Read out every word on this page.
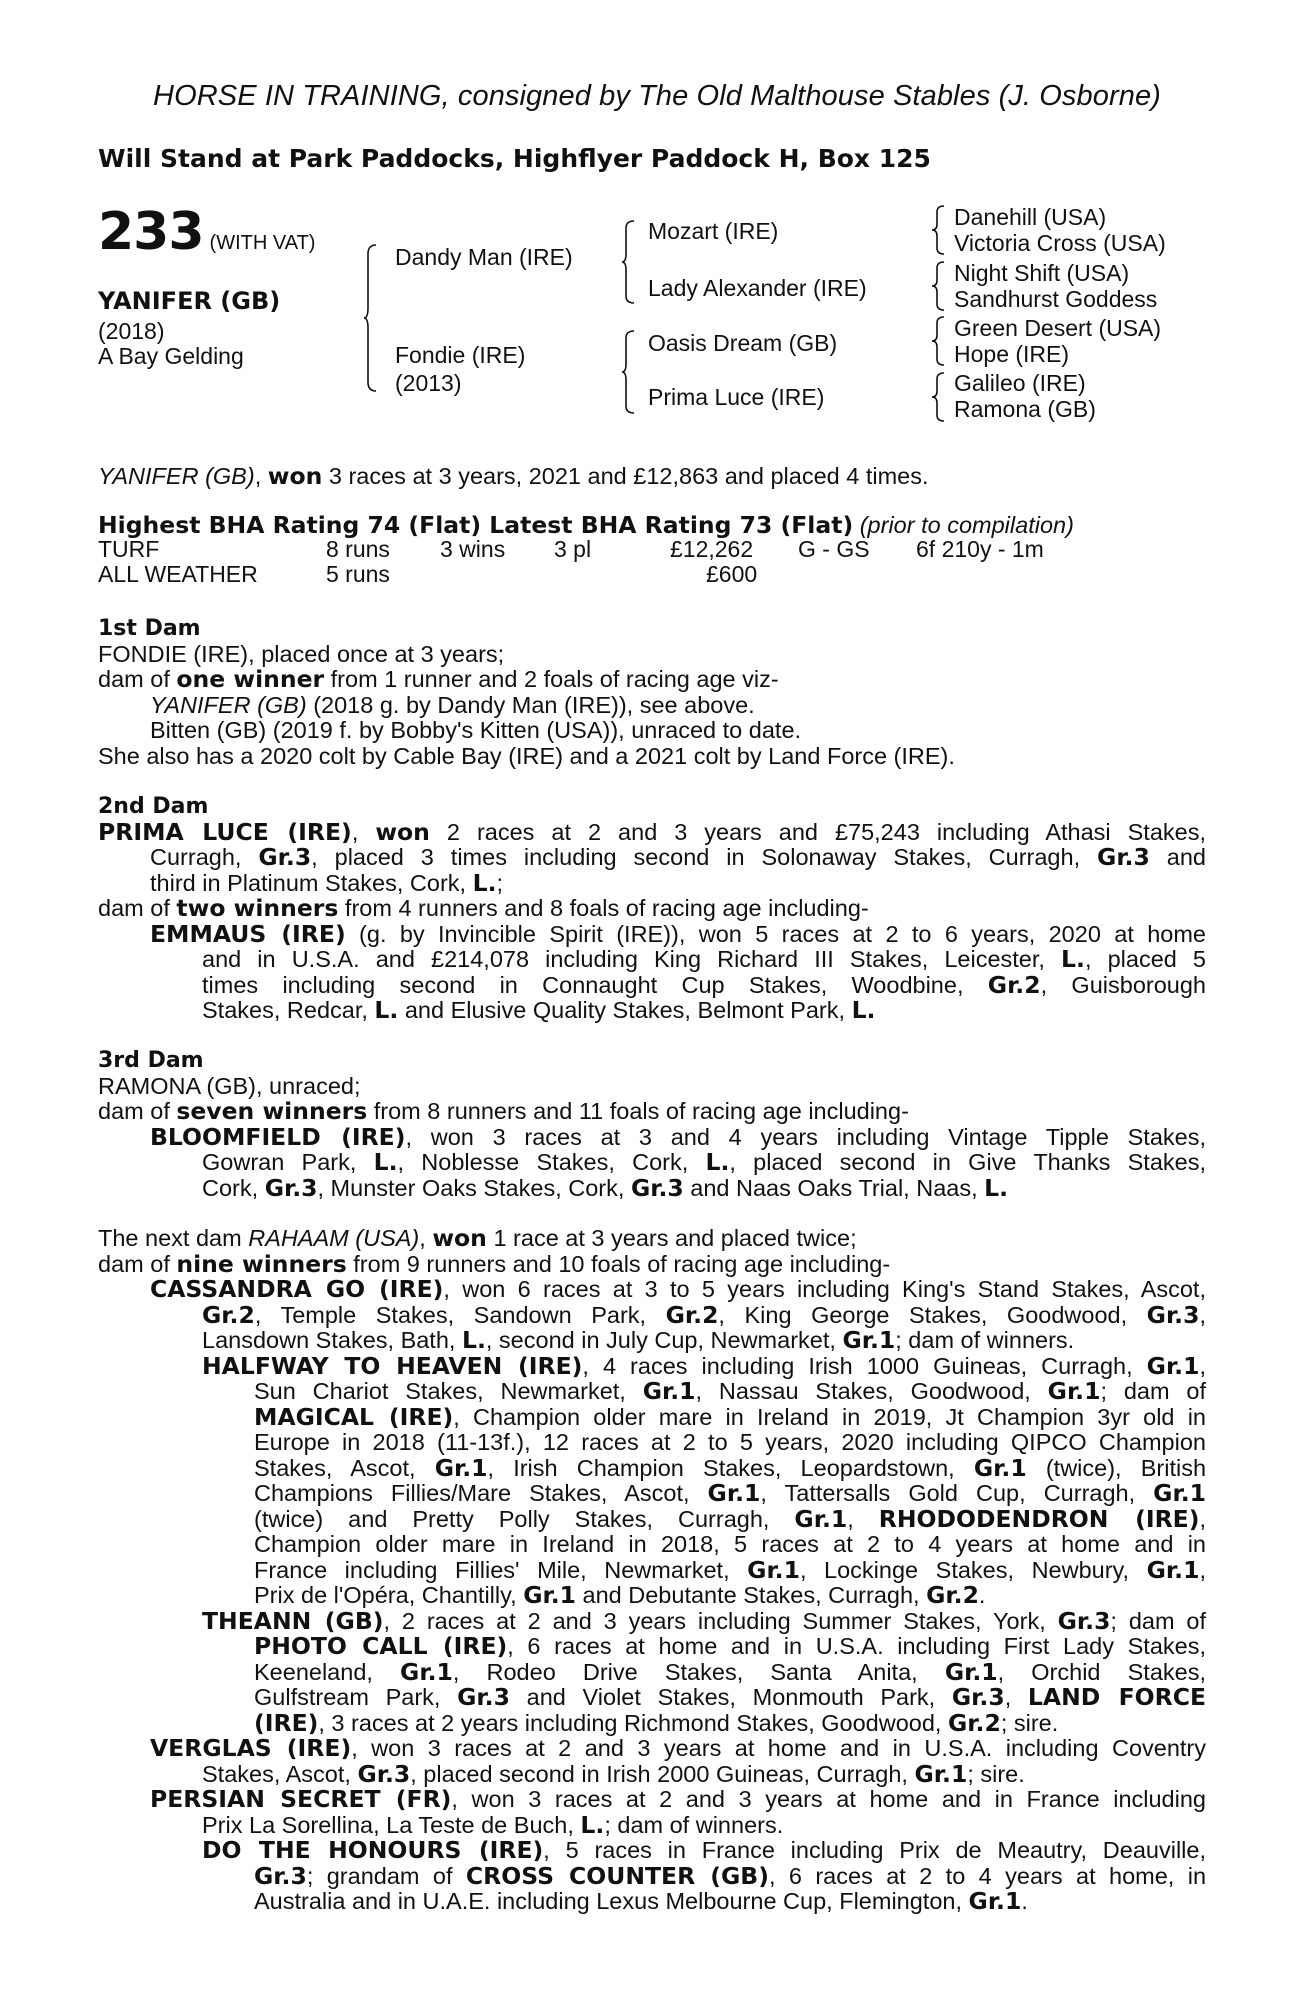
HORSE IN TRAINING, consigned by The Old Malthouse Stables (J. Osborne)
Will Stand at Park Paddocks, Highflyer Paddock H, Box 125
233 (WITH VAT)
YANIFER (GB)
(2018)
A Bay Gelding
Dandy Man (IRE)
Fondie (IRE)
(2013)
Mozart (IRE)
Lady Alexander (IRE)
Oasis Dream (GB)
Prima Luce (IRE)
Danehill (USA)
Victoria Cross (USA)
Night Shift (USA)
Sandhurst Goddess
Green Desert (USA)
Hope (IRE)
Galileo (IRE)
Ramona (GB)
YANIFER (GB), won 3 races at 3 years, 2021 and £12,863 and placed 4 times.
Highest BHA Rating 74 (Flat) Latest BHA Rating 73 (Flat) (prior to compilation)
TURF	8 runs 3 wins 3 pl	£12,262 G - GS 6f 210y - 1m
ALL WEATHER	5 runs	£600
1st Dam
FONDIE (IRE), placed once at 3 years;
dam of one winner from 1 runner and 2 foals of racing age viz-
YANIFER (GB) (2018 g. by Dandy Man (IRE)), see above.
Bitten (GB) (2019 f. by Bobby's Kitten (USA)), unraced to date.
She also has a 2020 colt by Cable Bay (IRE) and a 2021 colt by Land Force (IRE).
2nd Dam
PRIMA LUCE (IRE), won 2 races at 2 and 3 years and £75,243 including Athasi Stakes,
Curragh, Gr.3, placed 3 times including second in Solonaway Stakes, Curragh, Gr.3 and
third in Platinum Stakes, Cork, L.;
dam of two winners from 4 runners and 8 foals of racing age including-
EMMAUS (IRE) (g. by Invincible Spirit (IRE)), won 5 races at 2 to 6 years, 2020 at home
and in U.S.A. and £214,078 including King Richard III Stakes, Leicester, L., placed 5
times including second in Connaught Cup Stakes, Woodbine, Gr.2, Guisborough
Stakes, Redcar, L. and Elusive Quality Stakes, Belmont Park, L.
3rd Dam
RAMONA (GB), unraced;
dam of seven winners from 8 runners and 11 foals of racing age including-
BLOOMFIELD (IRE), won 3 races at 3 and 4 years including Vintage Tipple Stakes,
Gowran Park, L., Noblesse Stakes, Cork, L., placed second in Give Thanks Stakes,
Cork, Gr.3, Munster Oaks Stakes, Cork, Gr.3 and Naas Oaks Trial, Naas, L.
The next dam RAHAAM (USA), won 1 race at 3 years and placed twice;
dam of nine winners from 9 runners and 10 foals of racing age including-
CASSANDRA GO (IRE), won 6 races at 3 to 5 years including King's Stand Stakes, Ascot,
Gr.2, Temple Stakes, Sandown Park, Gr.2, King George Stakes, Goodwood, Gr.3,
Lansdown Stakes, Bath, L., second in July Cup, Newmarket, Gr.1; dam of winners.
HALFWAY TO HEAVEN (IRE), 4 races including Irish 1000 Guineas, Curragh, Gr.1,
Sun Chariot Stakes, Newmarket, Gr.1, Nassau Stakes, Goodwood, Gr.1; dam of
MAGICAL (IRE), Champion older mare in Ireland in 2019, Jt Champion 3yr old in
Europe in 2018 (11-13f.), 12 races at 2 to 5 years, 2020 including QIPCO Champion
Stakes, Ascot, Gr.1, Irish Champion Stakes, Leopardstown, Gr.1 (twice), British
Champions Fillies/Mare Stakes, Ascot, Gr.1, Tattersalls Gold Cup, Curragh, Gr.1
(twice) and Pretty Polly Stakes, Curragh, Gr.1, RHODODENDRON (IRE),
Champion older mare in Ireland in 2018, 5 races at 2 to 4 years at home and in
France including Fillies' Mile, Newmarket, Gr.1, Lockinge Stakes, Newbury, Gr.1,
Prix de l'Opéra, Chantilly, Gr.1 and Debutante Stakes, Curragh, Gr.2.
THEANN (GB), 2 races at 2 and 3 years including Summer Stakes, York, Gr.3; dam of
PHOTO CALL (IRE), 6 races at home and in U.S.A. including First Lady Stakes,
Keeneland, Gr.1, Rodeo Drive Stakes, Santa Anita, Gr.1, Orchid Stakes,
Gulfstream Park, Gr.3 and Violet Stakes, Monmouth Park, Gr.3, LAND FORCE
(IRE), 3 races at 2 years including Richmond Stakes, Goodwood, Gr.2; sire.
VERGLAS (IRE), won 3 races at 2 and 3 years at home and in U.S.A. including Coventry
Stakes, Ascot, Gr.3, placed second in Irish 2000 Guineas, Curragh, Gr.1; sire.
PERSIAN SECRET (FR), won 3 races at 2 and 3 years at home and in France including
Prix La Sorellina, La Teste de Buch, L.; dam of winners.
DO THE HONOURS (IRE), 5 races in France including Prix de Meautry, Deauville,
Gr.3; grandam of CROSS COUNTER (GB), 6 races at 2 to 4 years at home, in
Australia and in U.A.E. including Lexus Melbourne Cup, Flemington, Gr.1.
